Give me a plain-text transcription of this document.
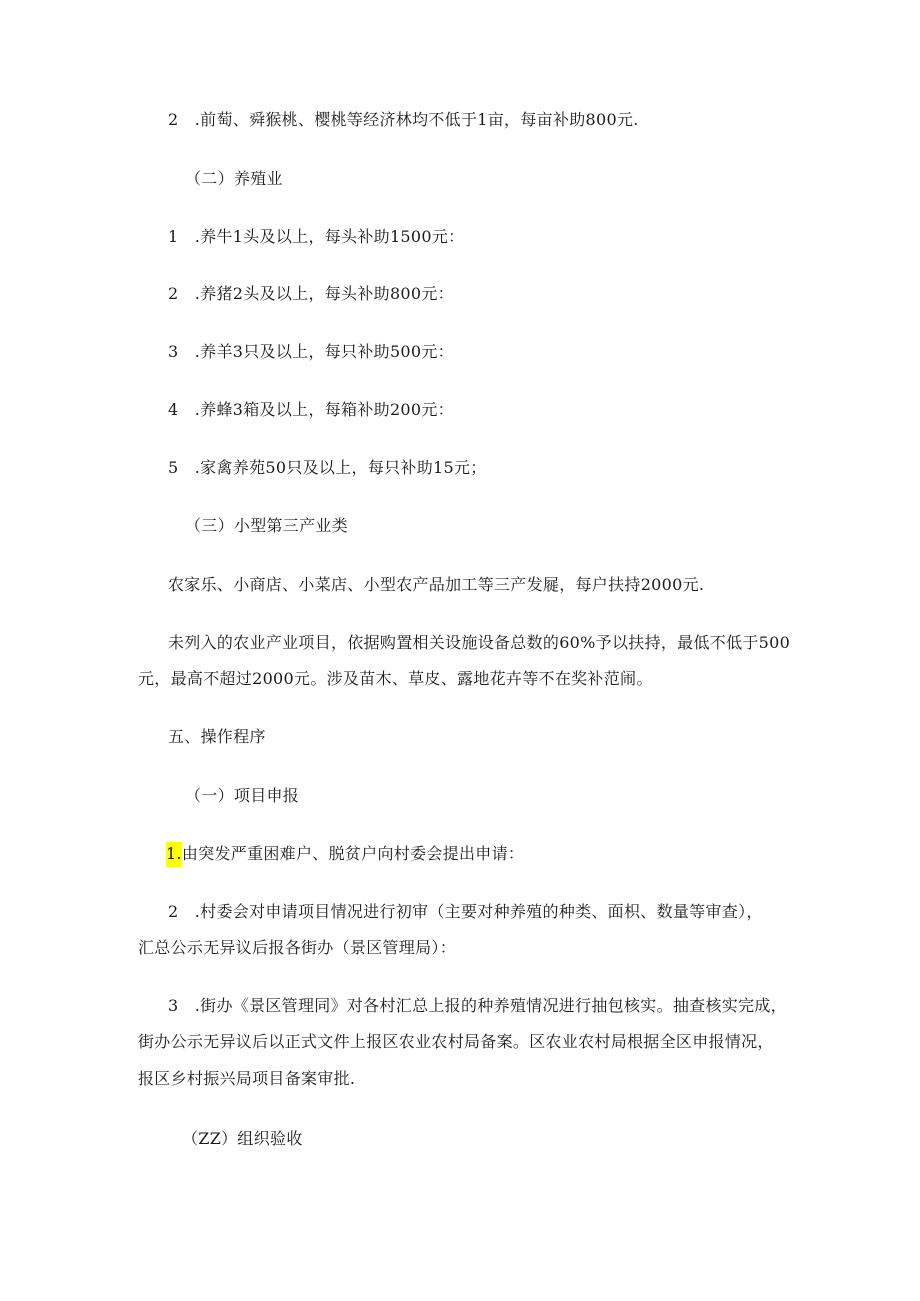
2　.前萄、舜猴桃、樱桃等经济林均不低于1亩，每亩补助800元.
（二）养殖业
1　.养牛1头及以上，每头补助1500元：
2　.养猪2头及以上，每头补助800元：
3　.养羊3只及以上，每只补助500元：
4　.养蜂3箱及以上，每箱补助200元：
5　.家禽养苑50只及以上，每只补助15元；
（三）小型第三产业类
农家乐、小商店、小菜店、小型农产品加工等三产发屣，每户扶持2000元.
未列入的农业产业项目，依据购置相关设施设备总数的60%予以扶持，最低不低于500
元，最高不超过2000元。涉及苗木、草皮、露地花卉等不在奖补范闹。
五、操作程序
（一）项目申报
1.由突发严重困难户、脱贫户向村委会提出申请：
2　.村委会对申请项目情况进行初审（主要对种养殖的种类、面枳、数量等审查），
汇总公示无异议后报各街办（景区管理局）：
3　.街办《景区管理同》对各村汇总上报的种养殖情况进行抽包核实。抽查核实完成，
街办公示无异议后以正式文件上报区农业农村局备案。区农业农村局根据全区申报情况，
报区乡村振兴局项目备案审批.
（ZZ）组织验收
